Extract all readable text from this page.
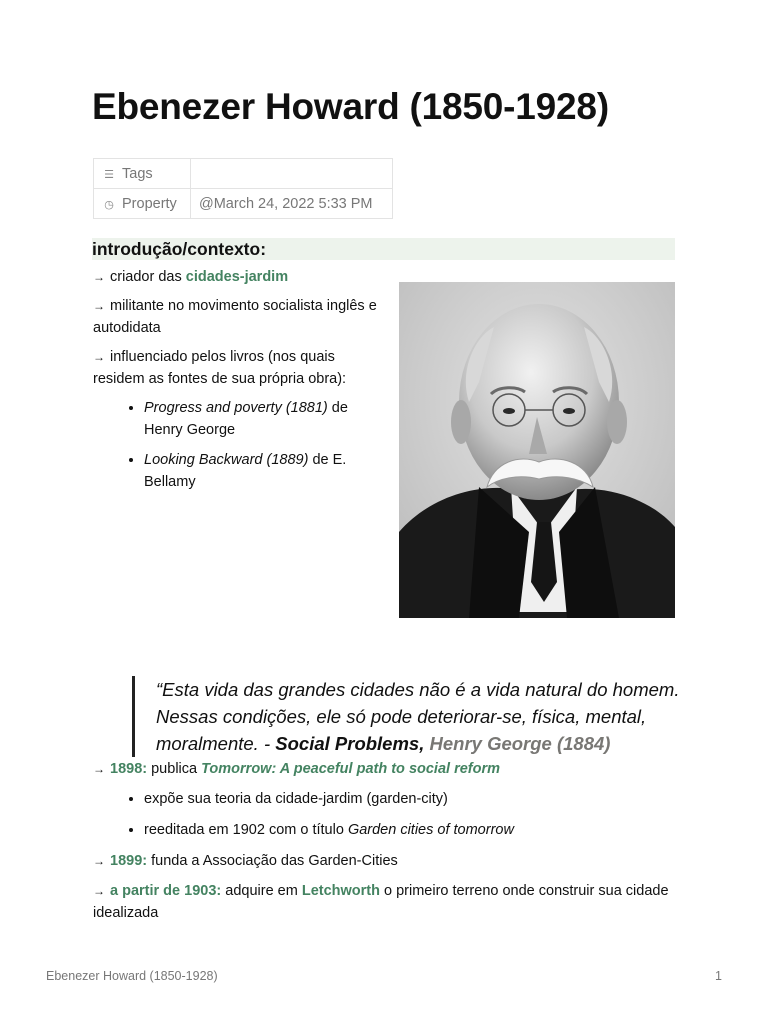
Ebenezer Howard (1850-1928)
☰ Tags	
◷ Property	@March 24, 2022 5:33 PM
introdução/contexto:

→ criador das cidades-jardim

→ militante no movimento socialista inglês e autodidata

→ influenciado pelos livros (nos quais residem as fontes de sua própria obra):

• Progress and poverty (1881) de Henry George
• Looking Backward (1889) de E. Bellamy
“Esta vida das grandes cidades não é a vida natural do homem. Nessas condições, ele só pode deteriorar-se, física, mental, moralmente. - Social Problems, Henry George (1884)

→ 1898: publica Tomorrow: A peaceful path to social reform

• expõe sua teoria da cidade-jardim (garden-city)
• reeditada em 1902 com o título Garden cities of tomorrow

→ 1899: funda a Associação das Garden-Cities

→ a partir de 1903: adquire em Letchworth o primeiro terreno onde construir sua cidade idealizada

Ebenezer Howard (1850-1928)	1
